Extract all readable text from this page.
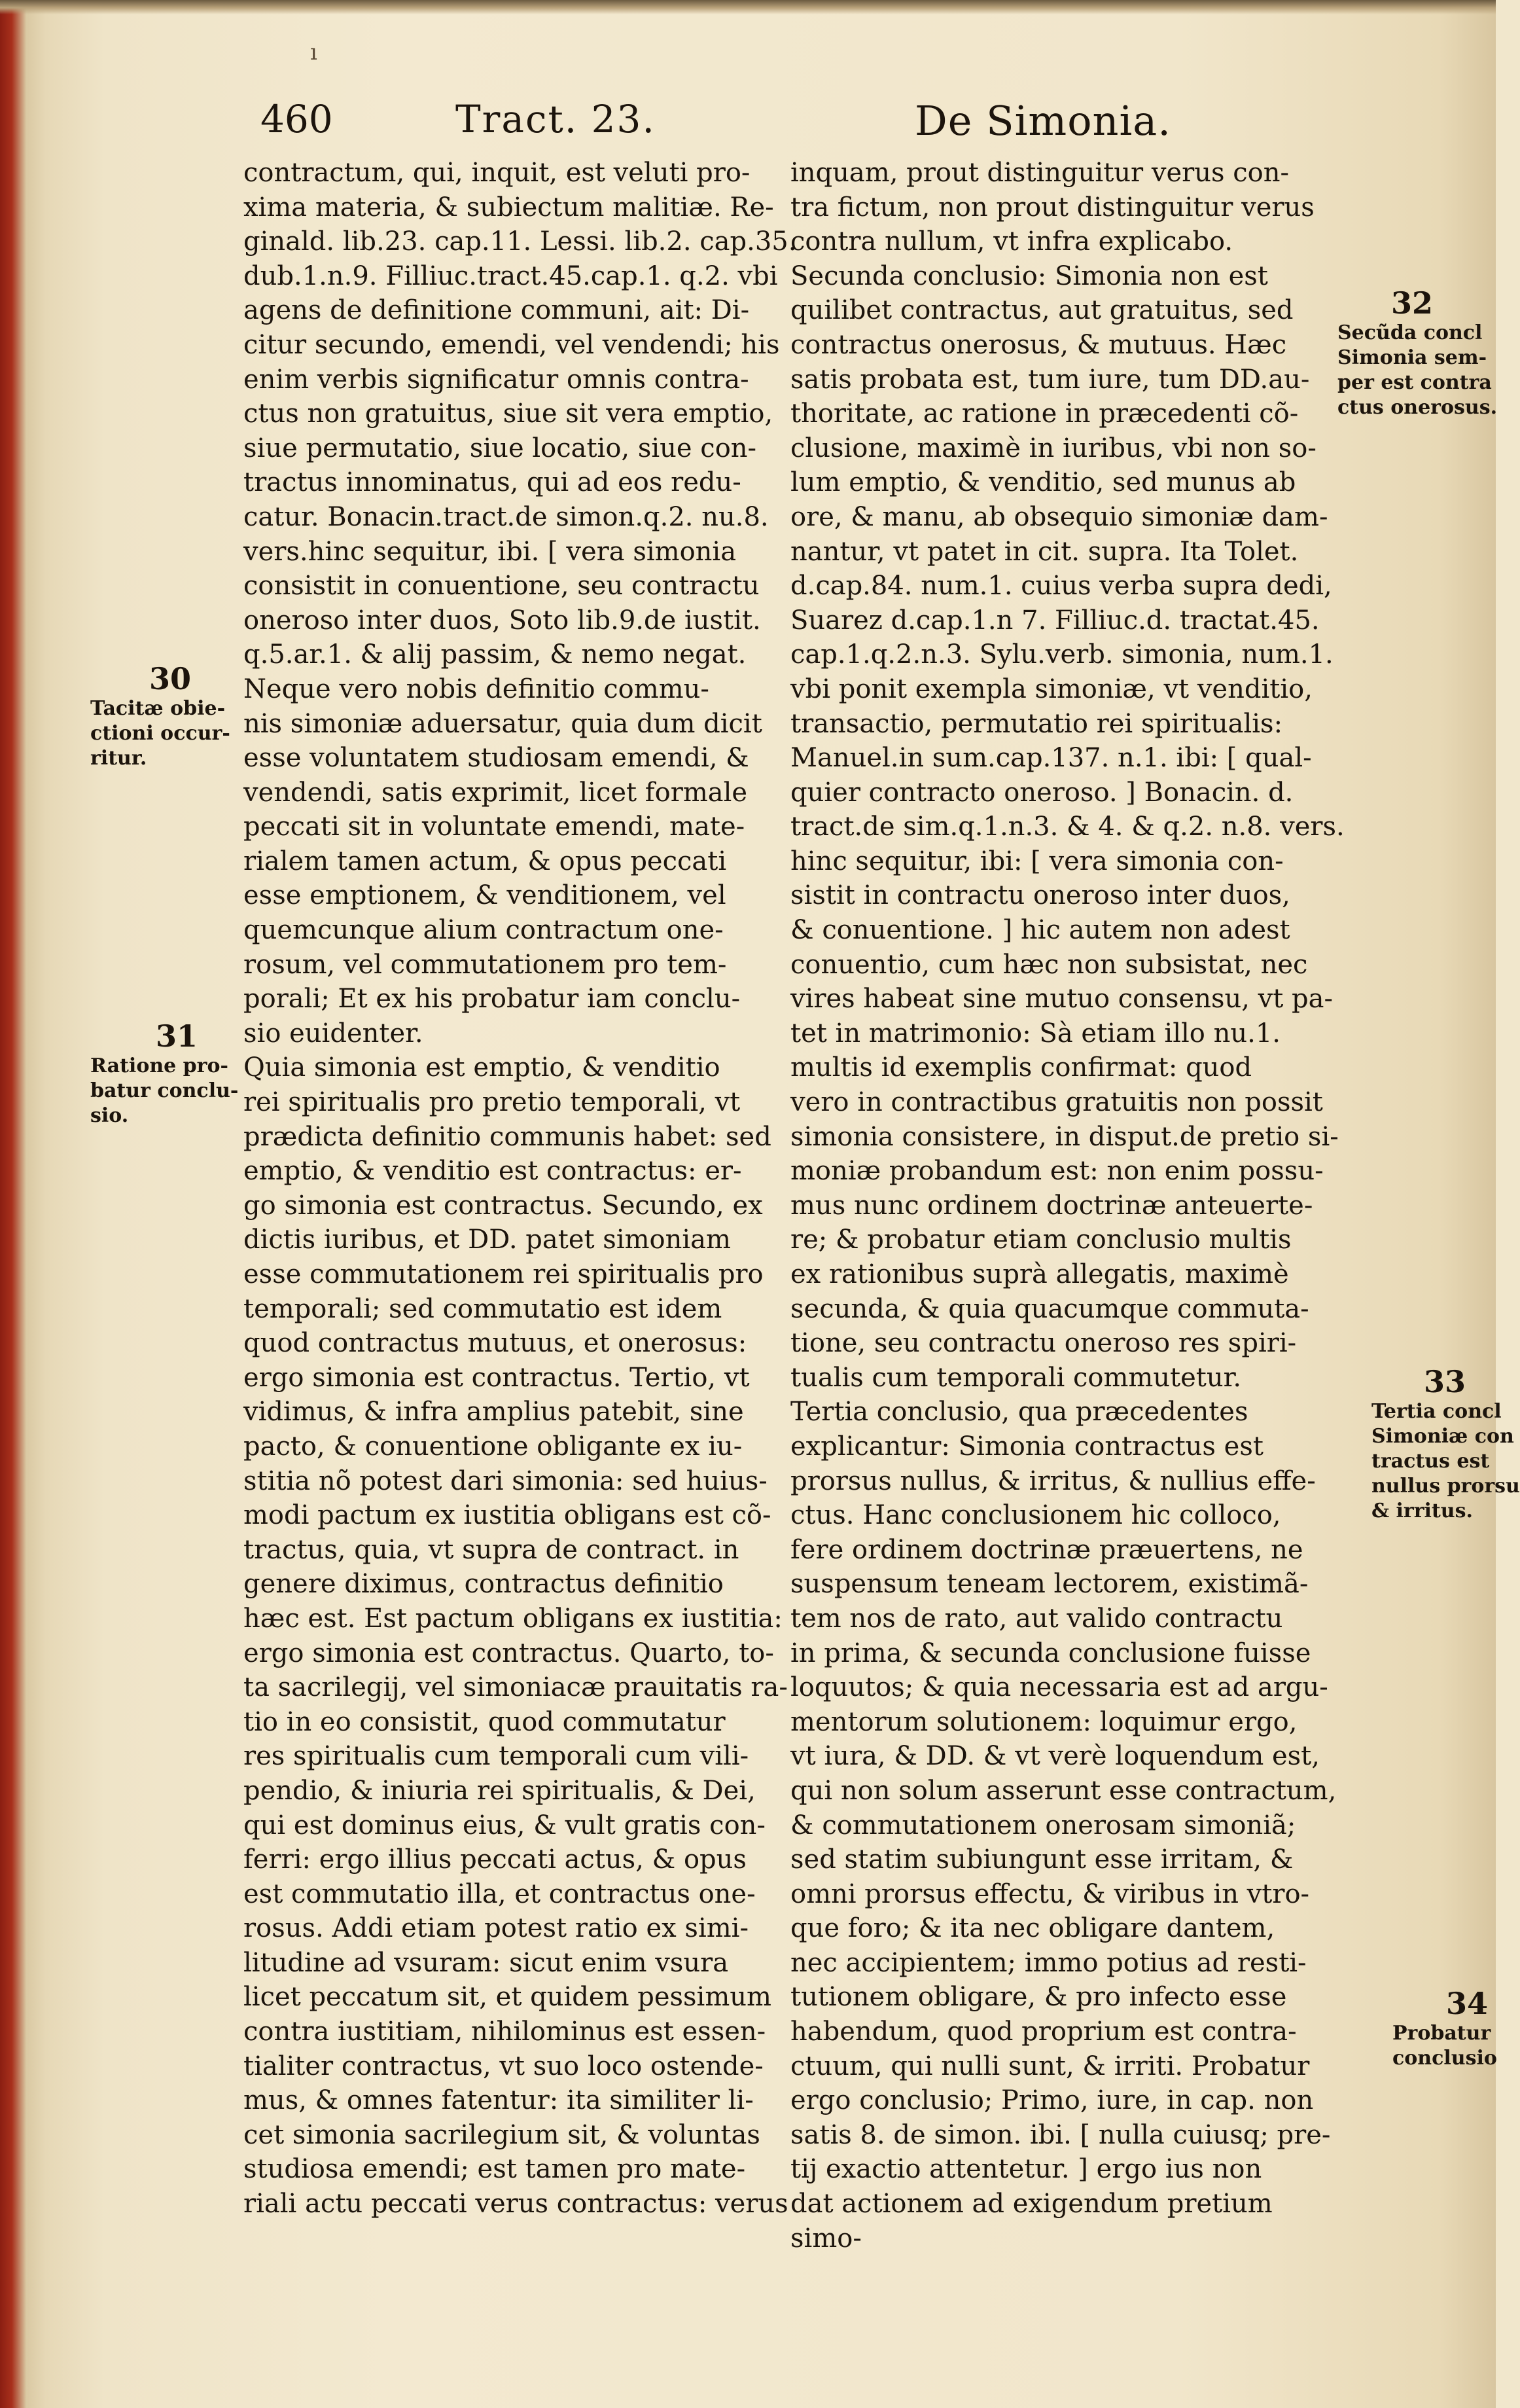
ı
460	Tract. 23.	De Simonia.
contractum, qui, inquit, est veluti pro-
xima materia, & subiectum malitiæ. Re-
ginald. lib.23. cap.11. Lessi. lib.2. cap.35.
dub.1.n.9. Filliuc.tract.45.cap.1. q.2. vbi
agens de definitione communi, ait: Di-
citur secundo, emendi, vel vendendi; his
enim verbis significatur omnis contra-
ctus non gratuitus, siue sit vera emptio,
siue permutatio, siue locatio, siue con-
tractus innominatus, qui ad eos redu-
catur. Bonacin.tract.de simon.q.2. nu.8.
vers.hinc sequitur, ibi. [ vera simonia
consistit in conuentione, seu contractu
oneroso inter duos, Soto lib.9.de iustit.
q.5.ar.1. & alij passim, & nemo negat.
Neque vero nobis definitio commu-
nis simoniæ aduersatur, quia dum dicit
esse voluntatem studiosam emendi, &
vendendi, satis exprimit, licet formale
peccati sit in voluntate emendi, mate-
rialem tamen actum, & opus peccati
esse emptionem, & venditionem, vel
quemcunque alium contractum one-
rosum, vel commutationem pro tem-
porali; Et ex his probatur iam conclu-
sio euidenter.
Quia simonia est emptio, & venditio
rei spiritualis pro pretio temporali, vt
prædicta definitio communis habet: sed
emptio, & venditio est contractus: er-
go simonia est contractus. Secundo, ex
dictis iuribus, et DD. patet simoniam
esse commutationem rei spiritualis pro
temporali; sed commutatio est idem
quod contractus mutuus, et onerosus:
ergo simonia est contractus. Tertio, vt
vidimus, & infra amplius patebit, sine
pacto, & conuentione obligante ex iu-
stitia nõ potest dari simonia: sed huius-
modi pactum ex iustitia obligans est cõ-
tractus, quia, vt supra de contract. in
genere diximus, contractus definitio
hæc est. Est pactum obligans ex iustitia:
ergo simonia est contractus. Quarto, to-
ta sacrilegij, vel simoniacæ prauitatis ra-
tio in eo consistit, quod commutatur
res spiritualis cum temporali cum vili-
pendio, & iniuria rei spiritualis, & Dei,
qui est dominus eius, & vult gratis con-
ferri: ergo illius peccati actus, & opus
est commutatio illa, et contractus one-
rosus. Addi etiam potest ratio ex simi-
litudine ad vsuram: sicut enim vsura
licet peccatum sit, et quidem pessimum
contra iustitiam, nihilominus est essen-
tialiter contractus, vt suo loco ostende-
mus, & omnes fatentur: ita similiter li-
cet simonia sacrilegium sit, & voluntas
studiosa emendi; est tamen pro mate-
riali actu peccati verus contractus: verus
inquam, prout distinguitur verus con-
tra fictum, non prout distinguitur verus
contra nullum, vt infra explicabo.
Secunda conclusio: Simonia non est
quilibet contractus, aut gratuitus, sed
contractus onerosus, & mutuus. Hæc
satis probata est, tum iure, tum DD.au-
thoritate, ac ratione in præcedenti cõ-
clusione, maximè in iuribus, vbi non so-
lum emptio, & venditio, sed munus ab
ore, & manu, ab obsequio simoniæ dam-
nantur, vt patet in cit. supra. Ita Tolet.
d.cap.84. num.1. cuius verba supra dedi,
Suarez d.cap.1.n 7. Filliuc.d. tractat.45.
cap.1.q.2.n.3. Sylu.verb. simonia, num.1.
vbi ponit exempla simoniæ, vt venditio,
transactio, permutatio rei spiritualis:
Manuel.in sum.cap.137. n.1. ibi: [ qual-
quier contracto oneroso. ] Bonacin. d.
tract.de sim.q.1.n.3. & 4. & q.2. n.8. vers.
hinc sequitur, ibi: [ vera simonia con-
sistit in contractu oneroso inter duos,
& conuentione. ] hic autem non adest
conuentio, cum hæc non subsistat, nec
vires habeat sine mutuo consensu, vt pa-
tet in matrimonio: Sà etiam illo nu.1.
multis id exemplis confirmat: quod
vero in contractibus gratuitis non possit
simonia consistere, in disput.de pretio si-
moniæ probandum est: non enim possu-
mus nunc ordinem doctrinæ anteuerte-
re; & probatur etiam conclusio multis
ex rationibus suprà allegatis, maximè
secunda, & quia quacumque commuta-
tione, seu contractu oneroso res spiri-
tualis cum temporali commutetur.
Tertia conclusio, qua præcedentes
explicantur: Simonia contractus est
prorsus nullus, & irritus, & nullius effe-
ctus. Hanc conclusionem hic colloco,
fere ordinem doctrinæ præuertens, ne
suspensum teneam lectorem, existimã-
tem nos de rato, aut valido contractu
in prima, & secunda conclusione fuisse
loquutos; & quia necessaria est ad argu-
mentorum solutionem: loquimur ergo,
vt iura, & DD. & vt verè loquendum est,
qui non solum asserunt esse contractum,
& commutationem onerosam simoniã;
sed statim subiungunt esse irritam, &
omni prorsus effectu, & viribus in vtro-
que foro; & ita nec obligare dantem,
nec accipientem; immo potius ad resti-
tutionem obligare, & pro infecto esse
habendum, quod proprium est contra-
ctuum, qui nulli sunt, & irriti. Probatur
ergo conclusio; Primo, iure, in cap. non
satis 8. de simon. ibi. [ nulla cuiusq; pre-
tij exactio attentetur. ] ergo ius non
dat actionem ad exigendum pretium
simo-
30
Tacitæ obie-
ctioni occur-
ritur.
31
Ratione pro-
batur conclu-
sio.
32
Secũda concl
Simonia sem-
per est contra
ctus onerosus.
33
Tertia concl
Simoniæ con
tractus est
nullus prorsu
& irritus.
34
Probatur
conclusio
